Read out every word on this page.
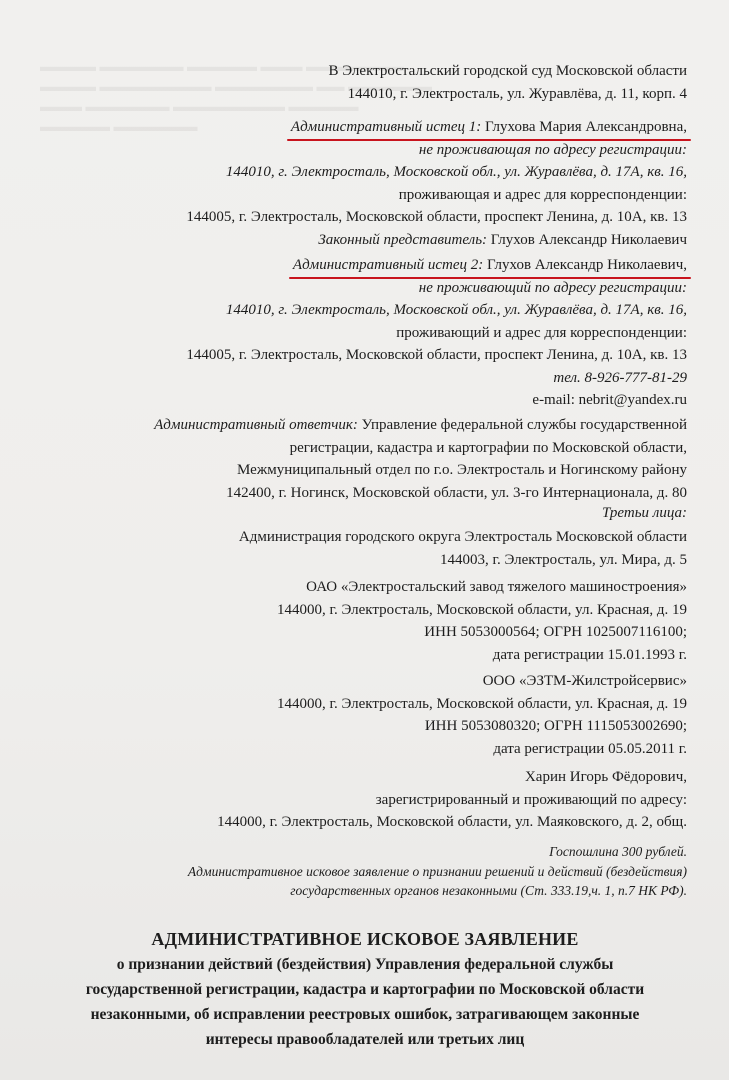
▬▬▬▬ ▬▬▬▬▬▬ ▬▬▬▬▬ ▬▬▬ ▬▬▬▬▬▬▬
▬▬▬▬ ▬▬▬▬▬▬▬▬ ▬▬▬▬▬▬▬ ▬▬ ▬▬▬▬▬▬
▬▬▬ ▬▬▬▬▬▬ ▬▬▬▬▬▬▬▬ ▬▬▬▬▬
▬▬▬▬▬ ▬▬▬▬▬▬
В Электростальский городской суд Московской области
144010, г. Электросталь, ул. Журавлёва, д. 11, корп. 4
Административный истец 1: Глухова Мария Александровна,
не проживающая по адресу регистрации:
144010, г. Электросталь, Московской обл., ул. Журавлёва, д. 17А, кв. 16,
проживающая и адрес для корреспонденции:
144005, г. Электросталь, Московской области, проспект Ленина, д. 10А, кв. 13
Законный представитель: Глухов Александр Николаевич
Административный истец 2: Глухов Александр Николаевич,
не проживающий по адресу регистрации:
144010, г. Электросталь, Московской обл., ул. Журавлёва, д. 17А, кв. 16,
проживающий и адрес для корреспонденции:
144005, г. Электросталь, Московской области, проспект Ленина, д. 10А, кв. 13
тел. 8-926-777-81-29
e-mail: nebrit@yandex.ru
Административный ответчик: Управление федеральной службы государственной
регистрации, кадастра и картографии по Московской области,
Межмуниципальный отдел по г.о. Электросталь и Ногинскому району
142400, г. Ногинск, Московской области, ул. 3-го Интернационала, д. 80
Третьи лица:
Администрация городского округа Электросталь Московской области
144003, г. Электросталь, ул. Мира, д. 5
ОАО «Электростальский завод тяжелого машиностроения»
144000, г. Электросталь, Московской области, ул. Красная, д. 19
ИНН 5053000564; ОГРН 1025007116100;
дата регистрации 15.01.1993 г.
ООО «ЭЗТМ-Жилстройсервис»
144000, г. Электросталь, Московской области, ул. Красная, д. 19
ИНН 5053080320; ОГРН 1115053002690;
дата регистрации 05.05.2011 г.
Харин Игорь Фёдорович,
зарегистрированный и проживающий по адресу:
144000, г. Электросталь, Московской области, ул. Маяковского, д. 2, общ.
Госпошлина 300 рублей.
Административное исковое заявление о признании решений и действий (бездействия)
государственных органов незаконными (Ст. 333.19,ч. 1, п.7 НК РФ).
АДМИНИСТРАТИВНОЕ ИСКОВОЕ ЗАЯВЛЕНИЕ
о признании действий (бездействия) Управления федеральной службы
государственной регистрации, кадастра и картографии по Московской области
незаконными, об исправлении реестровых ошибок, затрагивающем законные
интересы правообладателей или третьих лиц
